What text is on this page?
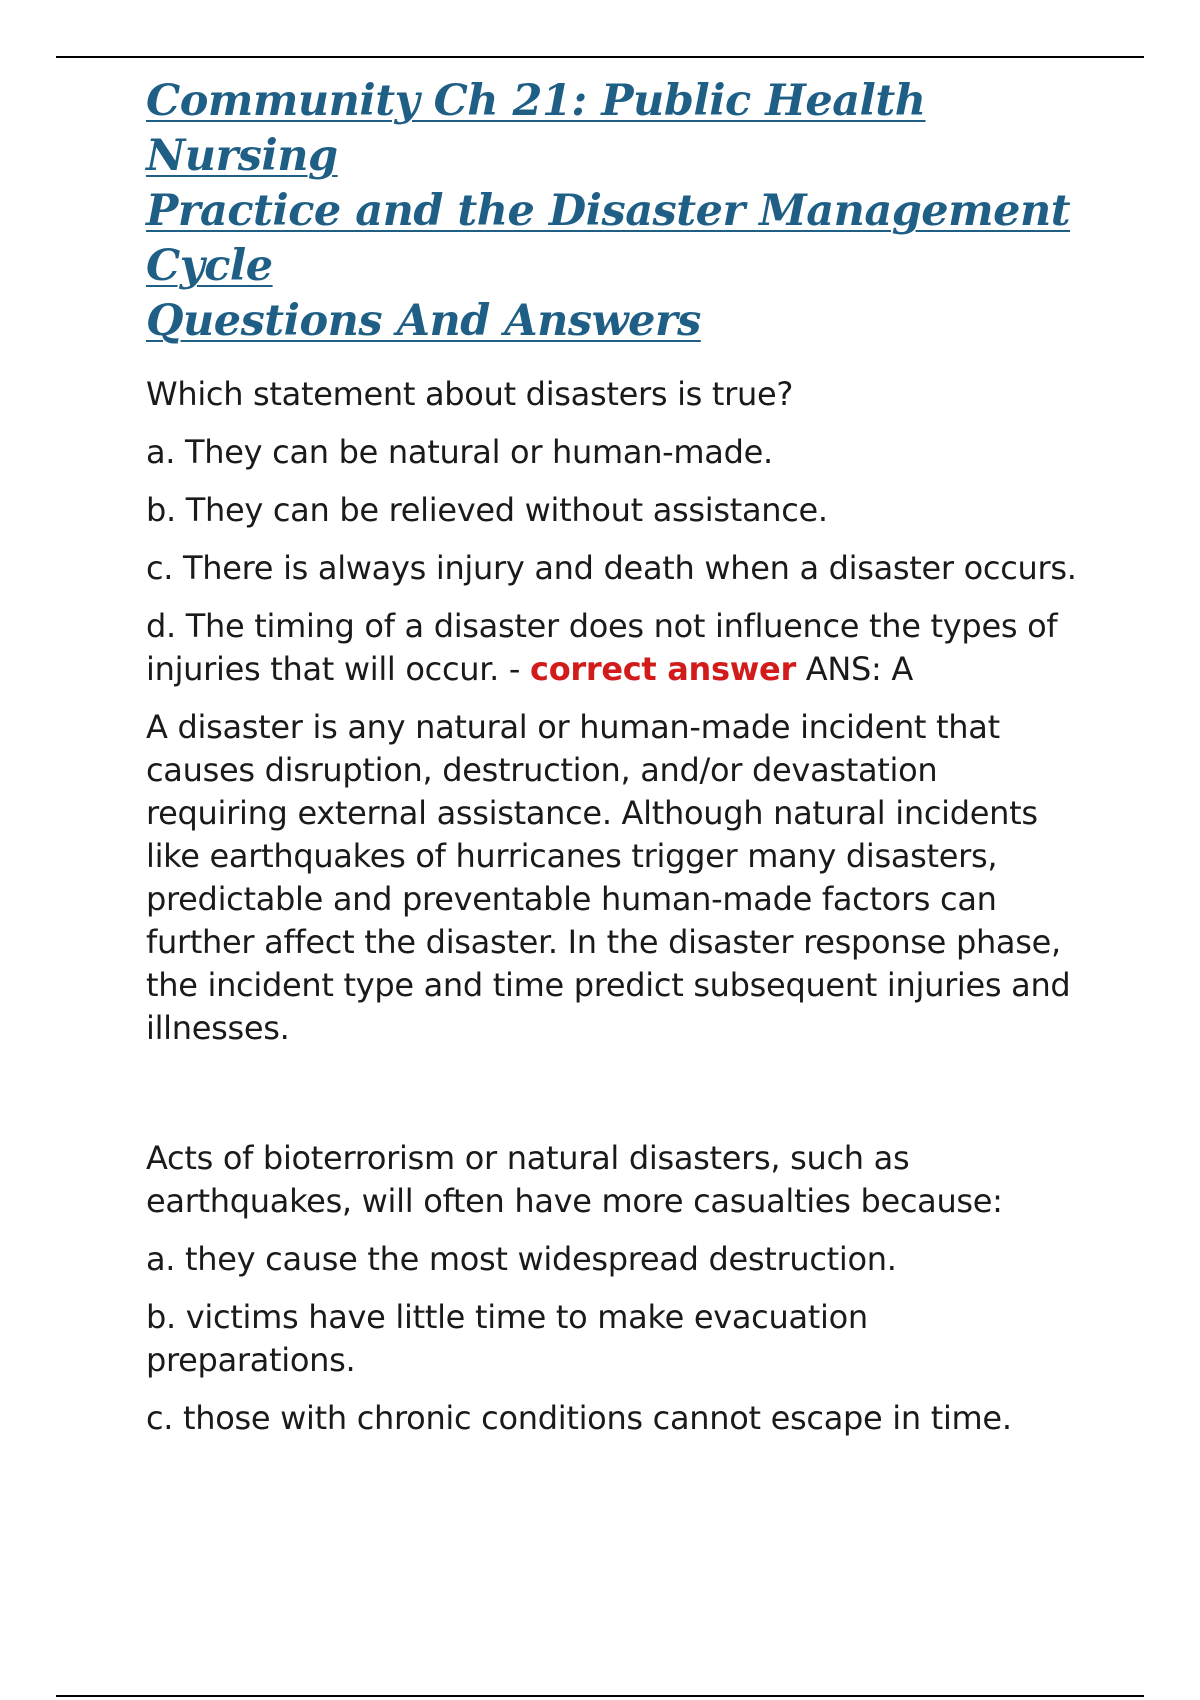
Community Ch 21: Public Health Nursing
Practice and the Disaster Management Cycle
Questions And Answers

Which statement about disasters is true?

a. They can be natural or human-made.

b. They can be relieved without assistance.

c. There is always injury and death when a disaster occurs.

d. The timing of a disaster does not influence the types of injuries that will occur. - correct answer ANS: A

A disaster is any natural or human-made incident that causes disruption, destruction, and/or devastation requiring external assistance. Although natural incidents like earthquakes of hurricanes trigger many disasters, predictable and preventable human-made factors can further affect the disaster. In the disaster response phase, the incident type and time predict subsequent injuries and illnesses.

Acts of bioterrorism or natural disasters, such as earthquakes, will often have more casualties because:

a. they cause the most widespread destruction.

b. victims have little time to make evacuation preparations.

c. those with chronic conditions cannot escape in time.
